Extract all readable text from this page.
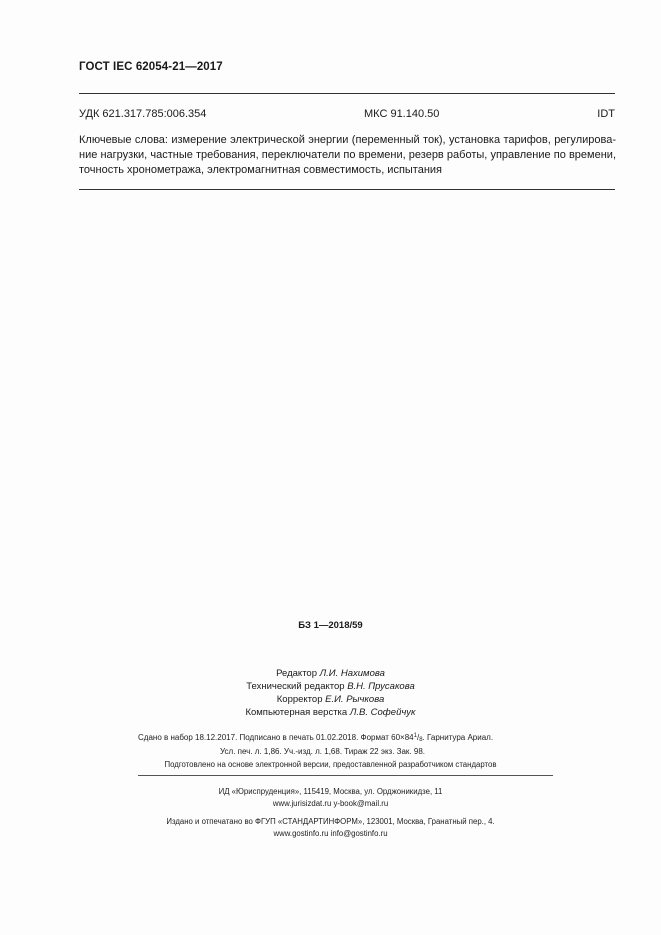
ГОСТ IEC 62054-21—2017
УДК 621.317.785:006.354	МКС 91.140.50	IDT
Ключевые слова: измерение электрической энергии (переменный ток), установка тарифов, регулирова-
ние нагрузки, частные требования, переключатели по времени, резерв работы, управление по времени,
точность хронометража, электромагнитная совместимость, испытания
БЗ 1—2018/59
Редактор Л.И. Нахимова
Технический редактор В.Н. Прусакова
Корректор Е.И. Рычкова
Компьютерная верстка Л.В. Софейчук
Сдано в набор 18.12.2017. Подписано в печать 01.02.2018. Формат $60\times 84^1/_8$. Гарнитура Ариал.
Усл. печ. л. 1,86. Уч.-изд. л. 1,68. Тираж 22 экз. Зак. 98.
Подготовлено на основе электронной версии, предоставленной разработчиком стандартов
ИД «Юриспруденция», 115419, Москва, ул. Орджоникидзе, 11
www.jurisizdat.ru y-book@mail.ru
Издано и отпечатано во ФГУП «СТАНДАРТИНФОРМ», 123001, Москва, Гранатный пер., 4.
www.gostinfo.ru info@gostinfo.ru
